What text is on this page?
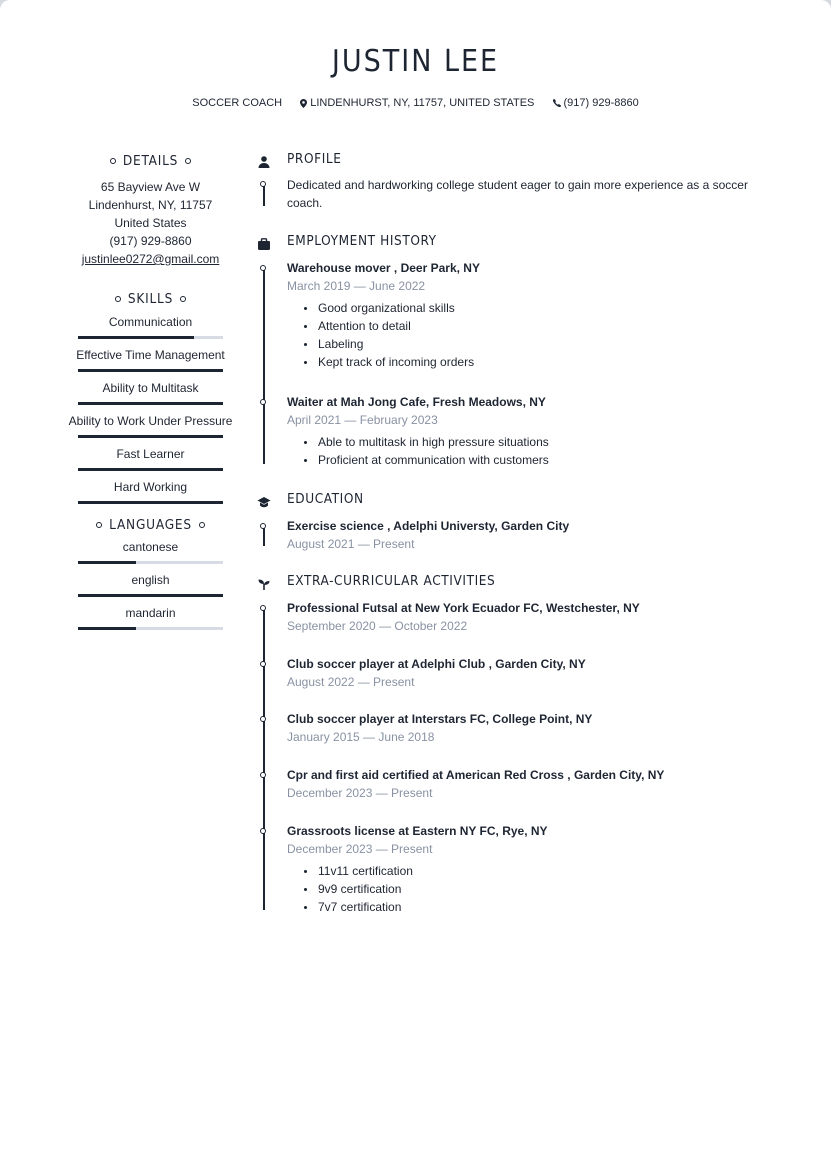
JUSTIN LEE
SOCCER COACH	LINDENHURST, NY, 11757, UNITED STATES	(917) 929-8860
DETAILS
65 Bayview Ave W
Lindenhurst, NY, 11757
United States
(917) 929-8860
justinlee0272@gmail.com
SKILLS
Communication
Effective Time Management
Ability to Multitask
Ability to Work Under Pressure
Fast Learner
Hard Working
LANGUAGES
cantonese
english
mandarin
PROFILE
Dedicated and hardworking college student eager to gain more experience as a soccer
coach.
EMPLOYMENT HISTORY
Warehouse mover , Deer Park, NY
March 2019 — June 2022
Good organizational skills
Attention to detail
Labeling
Kept track of incoming orders
Waiter at Mah Jong Cafe, Fresh Meadows, NY
April 2021 — February 2023
Able to multitask in high pressure situations
Proficient at communication with customers
EDUCATION
Exercise science , Adelphi Universty, Garden City
August 2021 — Present
EXTRA-CURRICULAR ACTIVITIES
Professional Futsal at New York Ecuador FC, Westchester, NY
September 2020 — October 2022
Club soccer player at Adelphi Club , Garden City, NY
August 2022 — Present
Club soccer player at Interstars FC, College Point, NY
January 2015 — June 2018
Cpr and first aid certified at American Red Cross , Garden City, NY
December 2023 — Present
Grassroots license at Eastern NY FC, Rye, NY
December 2023 — Present
11v11 certification
9v9 certification
7v7 certification
